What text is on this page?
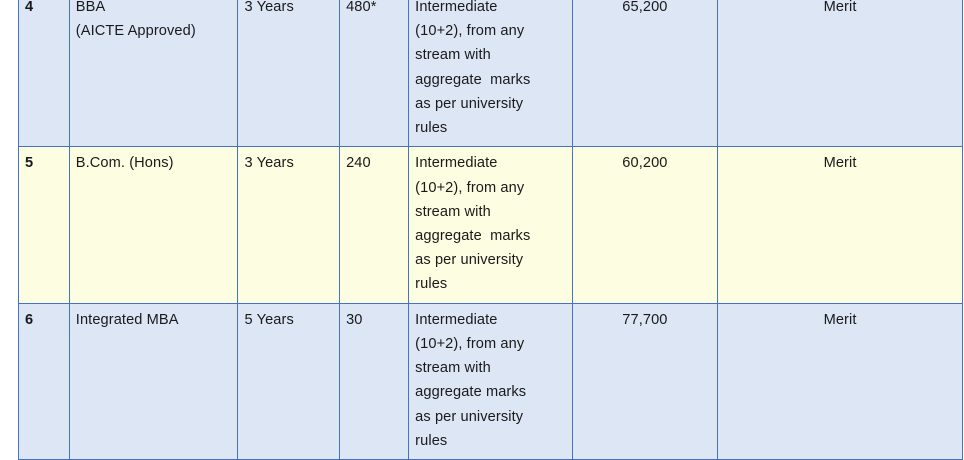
4	BBA
(AICTE Approved)
	3 Years	480*	Intermediate
(10+2), from any
stream with
aggregate  marks
as per university
rules
	65,200	Merit
5	B.Com. (Hons)	3 Years	240	Intermediate
(10+2), from any
stream with
aggregate  marks
as per university
rules
	60,200	Merit
6	Integrated MBA	5 Years	30	Intermediate
(10+2), from any
stream with
aggregate marks
as per university
rules
	77,700	Merit
